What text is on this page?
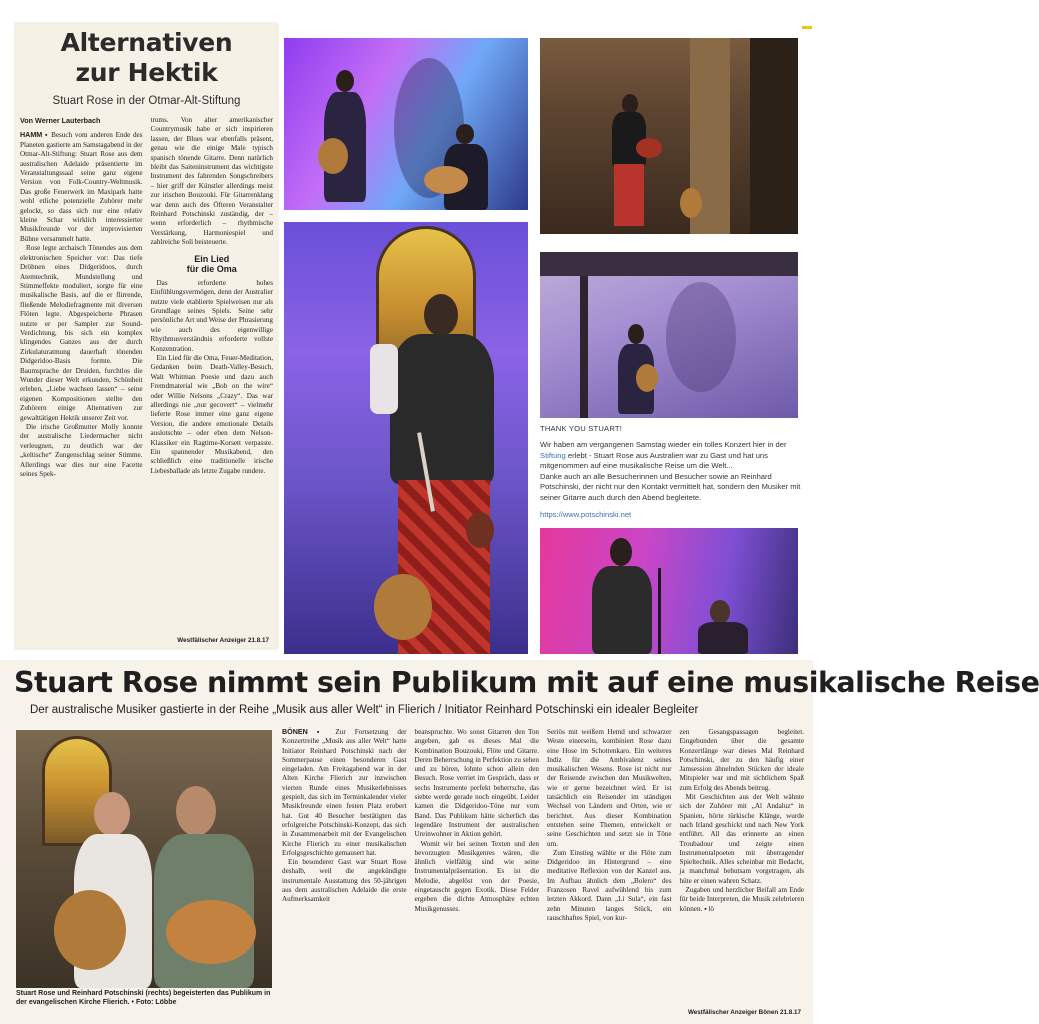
Alternativen
zur Hektik
Stuart Rose in der Otmar-Alt-Stiftung
Von Werner Lauterbach

HAMM ▪ Besuch vom anderen Ende des Planeten gastierte am Samstagabend in der Otmar-Alt-Stiftung: Stuart Rose aus dem australischen Adelaide präsentierte im Veranstaltungssaal seine ganz eigene Version von Folk-Country-Weltmusik. Das große Feuerwerk im Maxipark hatte wohl etliche potenzielle Zuhörer mehr gelockt, so dass sich nur eine relativ kleine Schar wirklich interessierter Musikfreunde vor der improvisierten Bühne versammelt hatte.

Rose legte archaisch Tönendes aus dem elektronischen Speicher vor: Das tiefe Dröhnen eines Didgeridoos, durch Atemtechnik, Mundstellung und Stimmeffekte moduliert, sorgte für eine musikalische Basis, auf die er flirrende, fließende Melodiefragmente mit diversen Flöten legte. Abgespeicherte Phrasen nutzte er per Sampler zur Sound-Verdichtung, bis sich ein komplex klingendes Ganzes aus der durch Zirkulaturatmung dauerhaft tönenden Didgeridoo-Basis formte. Die Baumsprache der Druiden, furchtlos die Wunder dieser Welt erkunden, Schönheit erleben, „Liebe wachsen lassen“ – seine eigenen Kompositionen stellte den Zuhörern einige Alternativen zur gewalttätigen Hektik unserer Zeit vor.

Die irische Großmutter Molly konnte der australische Liedermacher nicht verleugnen, zu deutlich war der „keltische“ Zungenschlag seiner Stimme. Allerdings war dies nur eine Facette seines Spek-

trums. Von alter amerikanischer Countrymusik habe er sich inspirieren lassen, der Blues war ebenfalls präsent, genau wie die einige Male typisch spanisch tönende Gitarre. Denn natürlich bleibt das Saiteninstrument das wichtigste Instrument des fahrenden Songschreibers – hier griff der Künstler allerdings meist zur irischen Bouzouki. Für Gitarrenklang war denn auch des Öfteren Veranstalter Reinhard Potschinski zuständig, der – wenn erforderlich – rhythmische Verstärkung, Harmoniespiel und zahlreiche Soli beisteuerte.

Ein Lied
für die Oma

Das erforderte hohes Einfühlungsvermögen, denn der Australier nutzte viele etablierte Spielweisen nur als Grundlage seines Spiels. Seine sehr persönliche Art und Weise der Phrasierung wie auch des eigenwillige Rhythmusverständnis erforderte vollste Konzentration.

Ein Lied für die Oma, Feuer-Meditation, Gedanken beim Death-Valley-Besuch, Walt Whitman Poesie und dazu auch Fremdmaterial wie „Bob on the wire“ oder Willie Nelsons „Crazy“. Das war allerdings nie „nur gecovert“ – vielmehr lieferte Rose immer eine ganz eigene Version, die andere emotionale Details auslotschte – oder eben dem Nelson-Klassiker ein Ragtime-Korsett verpasste. Ein spannender Musikabend, den schließlich eine traditionelle irische Liebesballade als letzte Zugabe rundete.

Westfälischer Anzeiger 21.8.17
THANK YOU STUART!
Wir haben am vergangenen Samstag wieder ein tolles Konzert hier in der Stiftung erlebt - Stuart Rose aus Australien war zu Gast und hat uns mitgenommen auf eine musikalische Reise um die Welt...
Danke auch an alle Besucherinnen und Besucher sowie an Reinhard Potschinski, der nicht nur den Kontakt vermittelt hat, sondern den Musiker mit seiner Gitarre auch durch den Abend begleitete.
https://www.potschinski.net
Stuart Rose nimmt sein Publikum mit auf eine musikalische Reise
Der australische Musiker gastierte in der Reihe „Musik aus aller Welt“ in Flierich / Initiator Reinhard Potschinski ein idealer Begleiter
Stuart Rose und Reinhard Potschinski (rechts) begeisterten das Publikum in der evangelischen Kirche Flierich. • Foto: Löbbe

BÖNEN ▪ Zur Fortsetzung der Konzertreihe „Musik aus aller Welt“ hatte Initiator Reinhard Potschinski nach der Sommerpause einen besonderen Gast eingeladen. Am Freitagabend war in der Alten Kirche Flierich zur inzwischen vierten Runde eines Musikerlebnisses gespielt, das sich im Terminkalender vieler Musikfreunde einen festen Platz erobert hat. Gut 40 Besucher bestätigten das erfolgreiche Potschinski-Konzept, das sich in Zusammenarbeit mit der Evangelischen Kirche Flierich zu einer musikalischen Erfolgsgeschichte gemausert hat.

Ein besonderer Gast war Stuart Rose deshalb, weil die angekündigte instrumentale Ausstattung des 50-jährigen aus dem australischen Adelaide die erste Aufmerksamkeit

beanspruchte. Wo sonst Gitarren den Ton angeben, gab es dieses Mal die Kombination Bouzouki, Flöte und Gitarre. Deren Beherrschung in Perfektion zu sehen und zu hören, lohnte schon allein den Besuch. Rose verriet im Gespräch, dass er sechs Instrumente perfekt beherrsche, das siebte werde gerade noch eingeübt. Leider kamen die Didgeridoo-Töne nur vom Band. Das Publikum hätte sicherlich das legendäre Instrument der australischen Ureinwohner in Aktion gehört.

Womit wir bei seinen Texten und den bevorzugten Musikgenres wären, die ähnlich vielfältig sind wie seine Instrumentalpräsentation. Es ist die Melodie, abgelöst von der Poesie, eingetauscht gegen Exotik. Diese Felder ergeben die dichte Atmosphäre echten Musikgenusses.

Seriös mit weißem Hemd und schwarzer Weste einerseits, kombiniert Rose dazu eine Hose im Schottenkaro. Ein weiteres Indiz für die Ambivalenz seines musikalischen Wesens. Rose ist nicht nur der Reisende zwischen den Musikwelten, wie er gerne bezeichnet wird. Er ist tatsächlich ein Reisender im ständigen Wechsel von Ländern und Orten, wie er berichtet. Aus dieser Kombination entstehen seine Themen, entwickelt er seine Geschichten und setzt sie in Töne um.

Zum Einstieg wählte er die Flöte zum Didgeridoo im Hintergrund – eine meditative Reflexion von der Kanzel aus. Im Aufbau ähnlich dem „Bolero“ des Franzosen Ravel aufwühlend bis zum letzten Akkord. Dann „Li Sula“, ein fast zehn Minuten langes Stück, ein rauschhaftes Spiel, von kur-

zen Gesangspassagen begleitet. Eingebunden über die gesamte Konzertlänge war dieses Mal Reinhard Potschinski, der zu den häufig einer Jamsession ähnelnden Stücken der ideale Mitspieler war und mit sichtlichem Spaß zum Erfolg des Abends beitrug.

Mit Geschichten aus der Welt wähnte sich der Zuhörer mit „Al Andaluz“ in Spanien, hörte türkische Klänge, wurde nach Irland geschickt und nach New York entführt. All das erinnerte an einen Troubadour und zeigte einen Instrumentalpoeten mit überragender Spieltechnik. Alles scheinbar mit Bedacht, ja manchmal behutsam vorgetragen, als hüte er einen wahren Schatz.

Zugaben und herzlicher Beifall am Ende für beide Interpreten, die Musik zelebrieren können. ▪ lö

Westfälischer Anzeiger Bönen 21.8.17
